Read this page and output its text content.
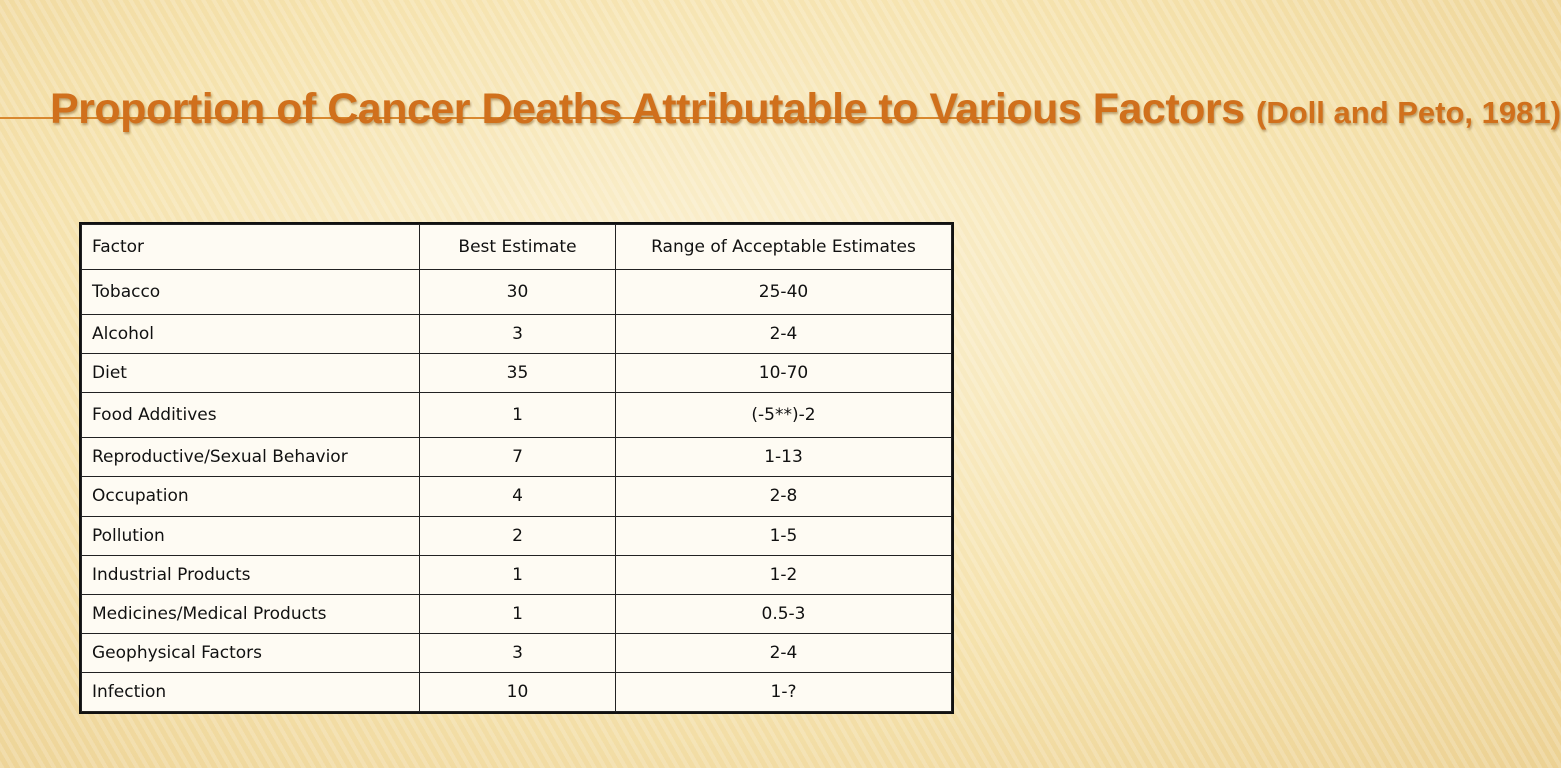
Proportion of Cancer Deaths Attributable to Various Factors (Doll and Peto, 1981)
Factor	Best Estimate	Range of Acceptable Estimates
Tobacco	30	25-40
Alcohol	3	2-4
Diet	35	10-70
Food Additives	1	(-5**)-2
Reproductive/Sexual Behavior	7	1-13
Occupation	4	2-8
Pollution	2	1-5
Industrial Products	1	1-2
Medicines/Medical Products	1	0.5-3
Geophysical Factors	3	2-4
Infection	10	1-?
